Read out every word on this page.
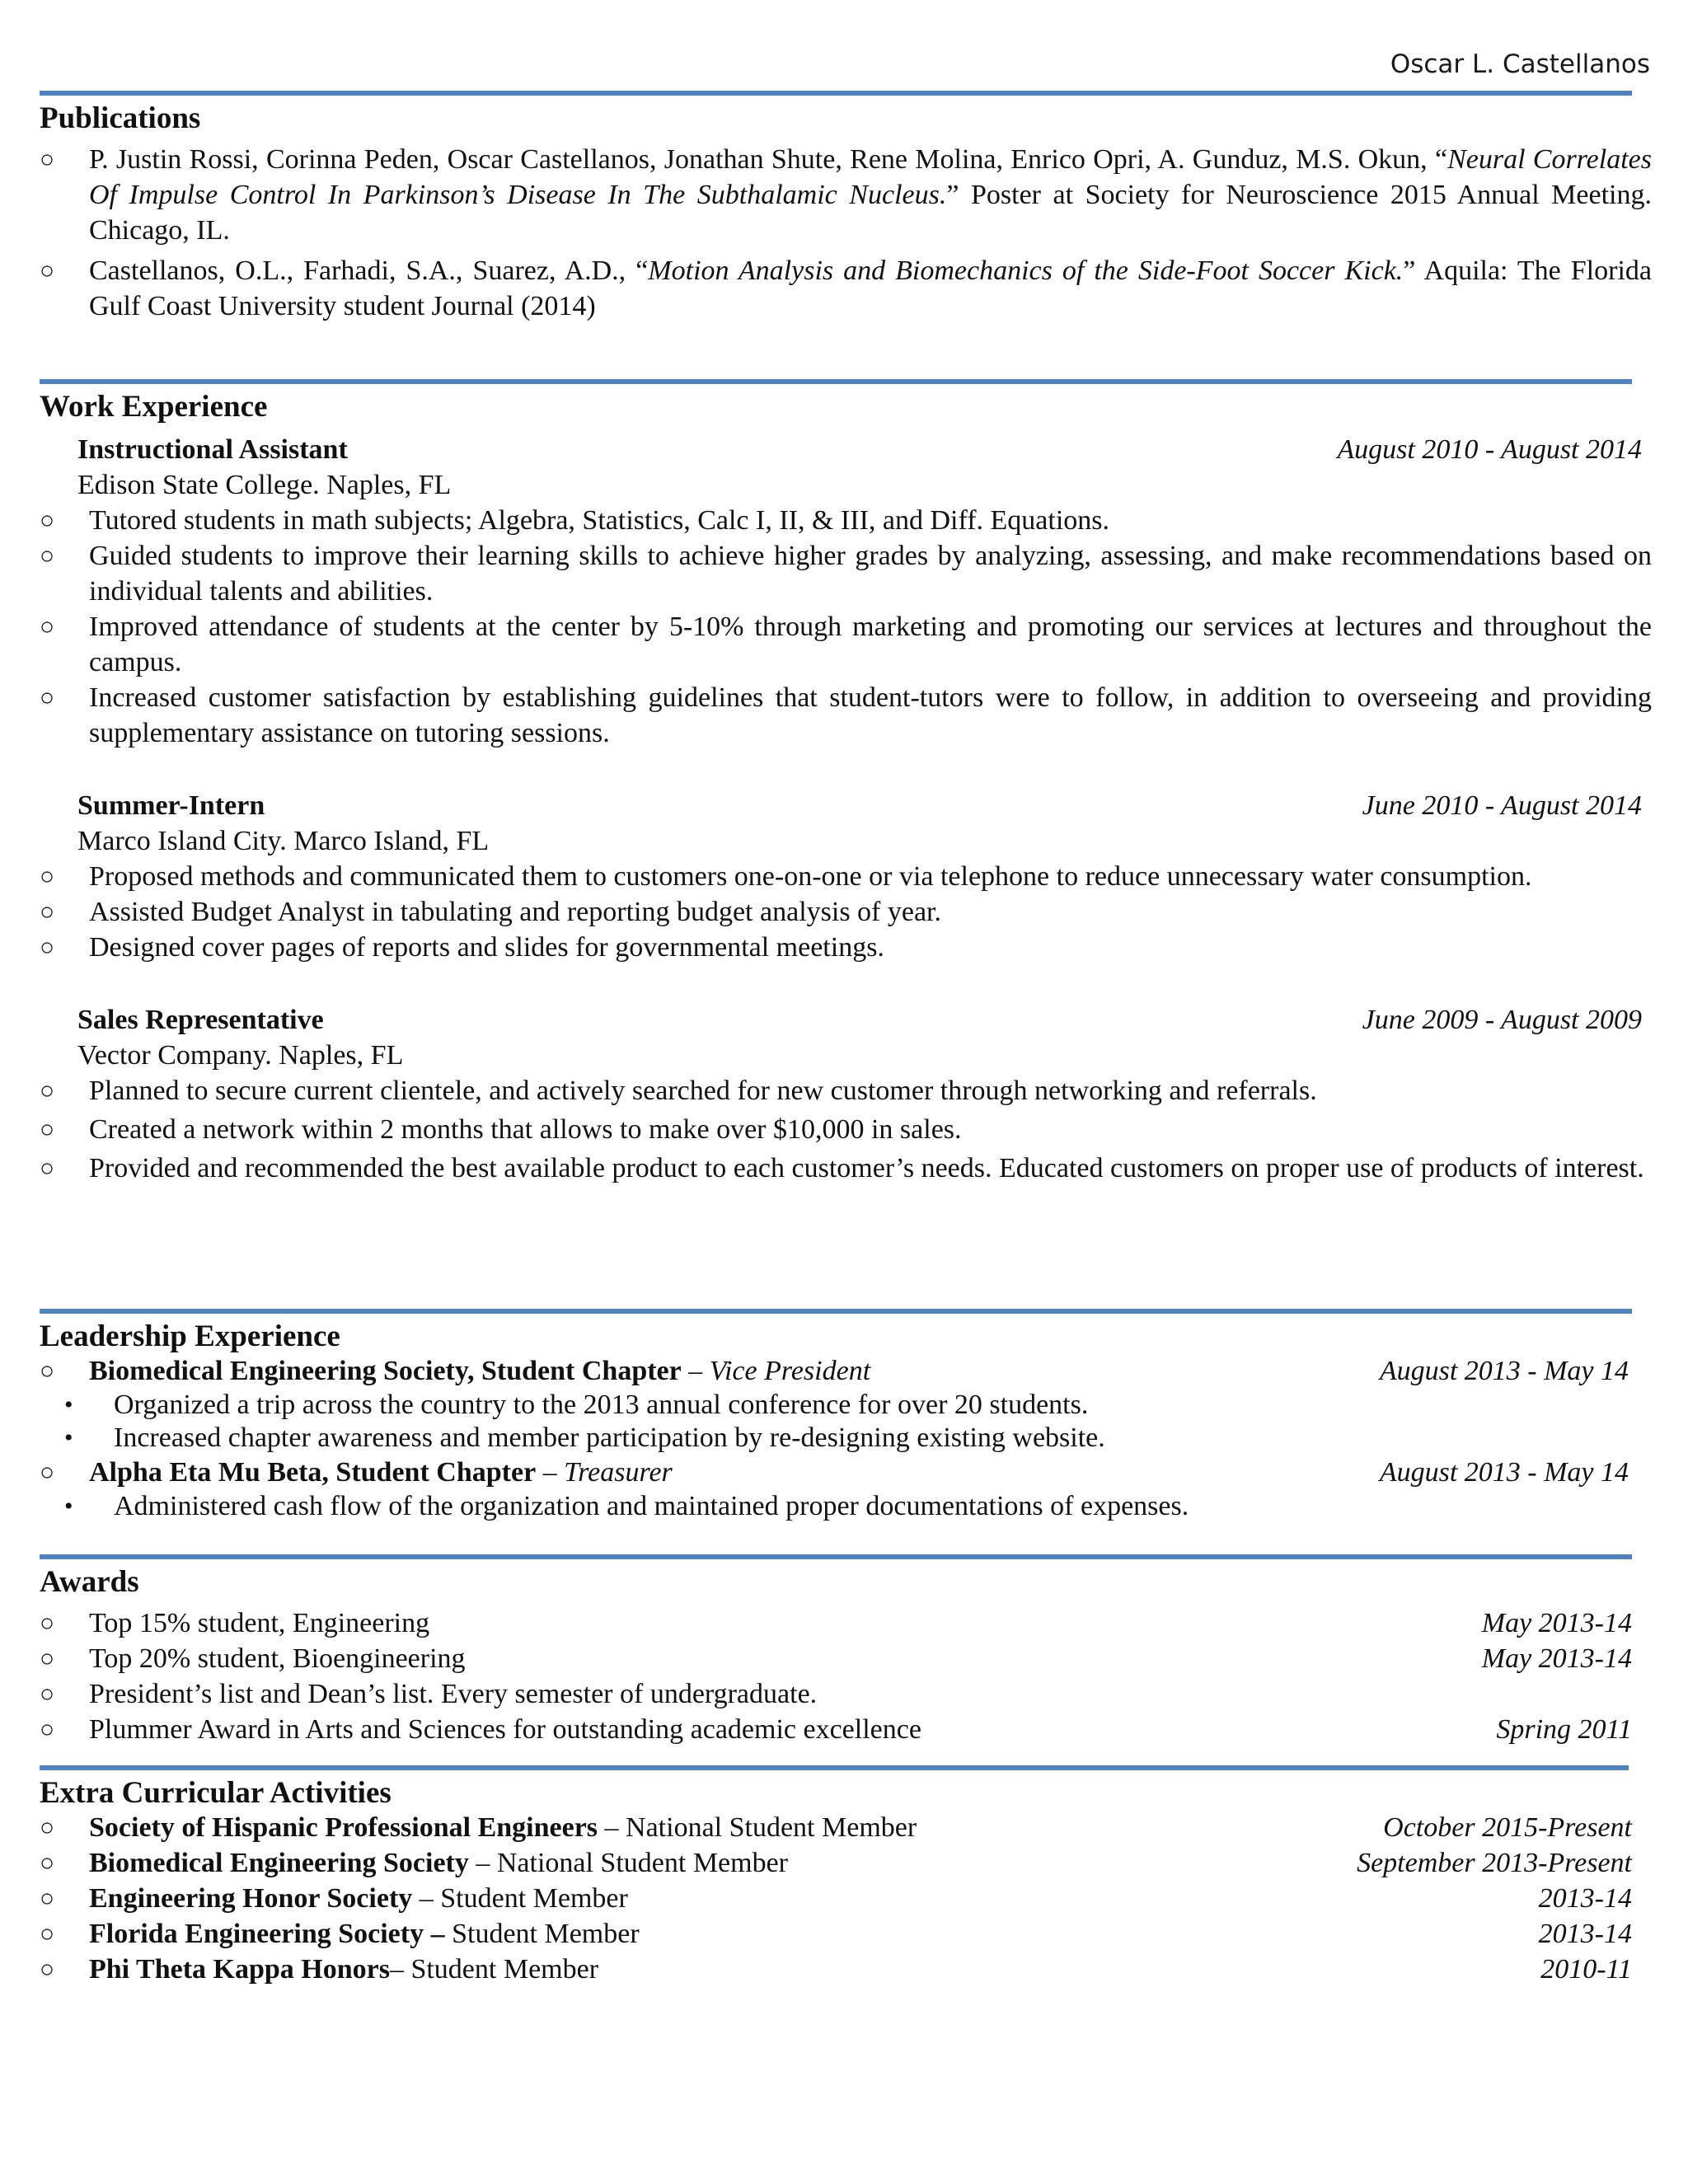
Oscar L. Castellanos
Publications
○ P. Justin Rossi, Corinna Peden, Oscar Castellanos, Jonathan Shute, Rene Molina, Enrico Opri, A. Gunduz, M.S. Okun, “Neural Correlates Of Impulse Control In Parkinson’s Disease In The Subthalamic Nucleus.” Poster at Society for Neuroscience 2015 Annual Meeting. Chicago, IL.
○ Castellanos, O.L., Farhadi, S.A., Suarez, A.D., “Motion Analysis and Biomechanics of the Side-Foot Soccer Kick.” Aquila: The Florida Gulf Coast University student Journal (2014)
Work Experience
Instructional Assistant	August 2010 - August 2014
Edison State College. Naples, FL
○ Tutored students in math subjects; Algebra, Statistics, Calc I, II, & III, and Diff. Equations.
○ Guided students to improve their learning skills to achieve higher grades by analyzing, assessing, and make recommendations based on individual talents and abilities.
○ Improved attendance of students at the center by 5-10% through marketing and promoting our services at lectures and throughout the campus.
○ Increased customer satisfaction by establishing guidelines that student-tutors were to follow, in addition to overseeing and providing supplementary assistance on tutoring sessions.
Summer-Intern	June 2010 - August 2014
Marco Island City. Marco Island, FL
○ Proposed methods and communicated them to customers one-on-one or via telephone to reduce unnecessary water consumption.
○ Assisted Budget Analyst in tabulating and reporting budget analysis of year.
○ Designed cover pages of reports and slides for governmental meetings.
Sales Representative	June 2009 - August 2009
Vector Company. Naples, FL
○ Planned to secure current clientele, and actively searched for new customer through networking and referrals.
○ Created a network within 2 months that allows to make over $10,000 in sales.
○ Provided and recommended the best available product to each customer’s needs. Educated customers on proper use of products of interest.
Leadership Experience
○ Biomedical Engineering Society, Student Chapter – Vice President	August 2013 - May 14
• Organized a trip across the country to the 2013 annual conference for over 20 students.
• Increased chapter awareness and member participation by re-designing existing website.
○ Alpha Eta Mu Beta, Student Chapter – Treasurer	August 2013 - May 14
• Administered cash flow of the organization and maintained proper documentations of expenses.
Awards
○ Top 15% student, Engineering	May 2013-14
○ Top 20% student, Bioengineering	May 2013-14
○ President’s list and Dean’s list. Every semester of undergraduate.
○ Plummer Award in Arts and Sciences for outstanding academic excellence	Spring 2011
Extra Curricular Activities
○ Society of Hispanic Professional Engineers – National Student Member	October 2015-Present
○ Biomedical Engineering Society – National Student Member	September 2013-Present
○ Engineering Honor Society – Student Member	2013-14
○ Florida Engineering Society – Student Member	2013-14
○ Phi Theta Kappa Honors– Student Member	2010-11
